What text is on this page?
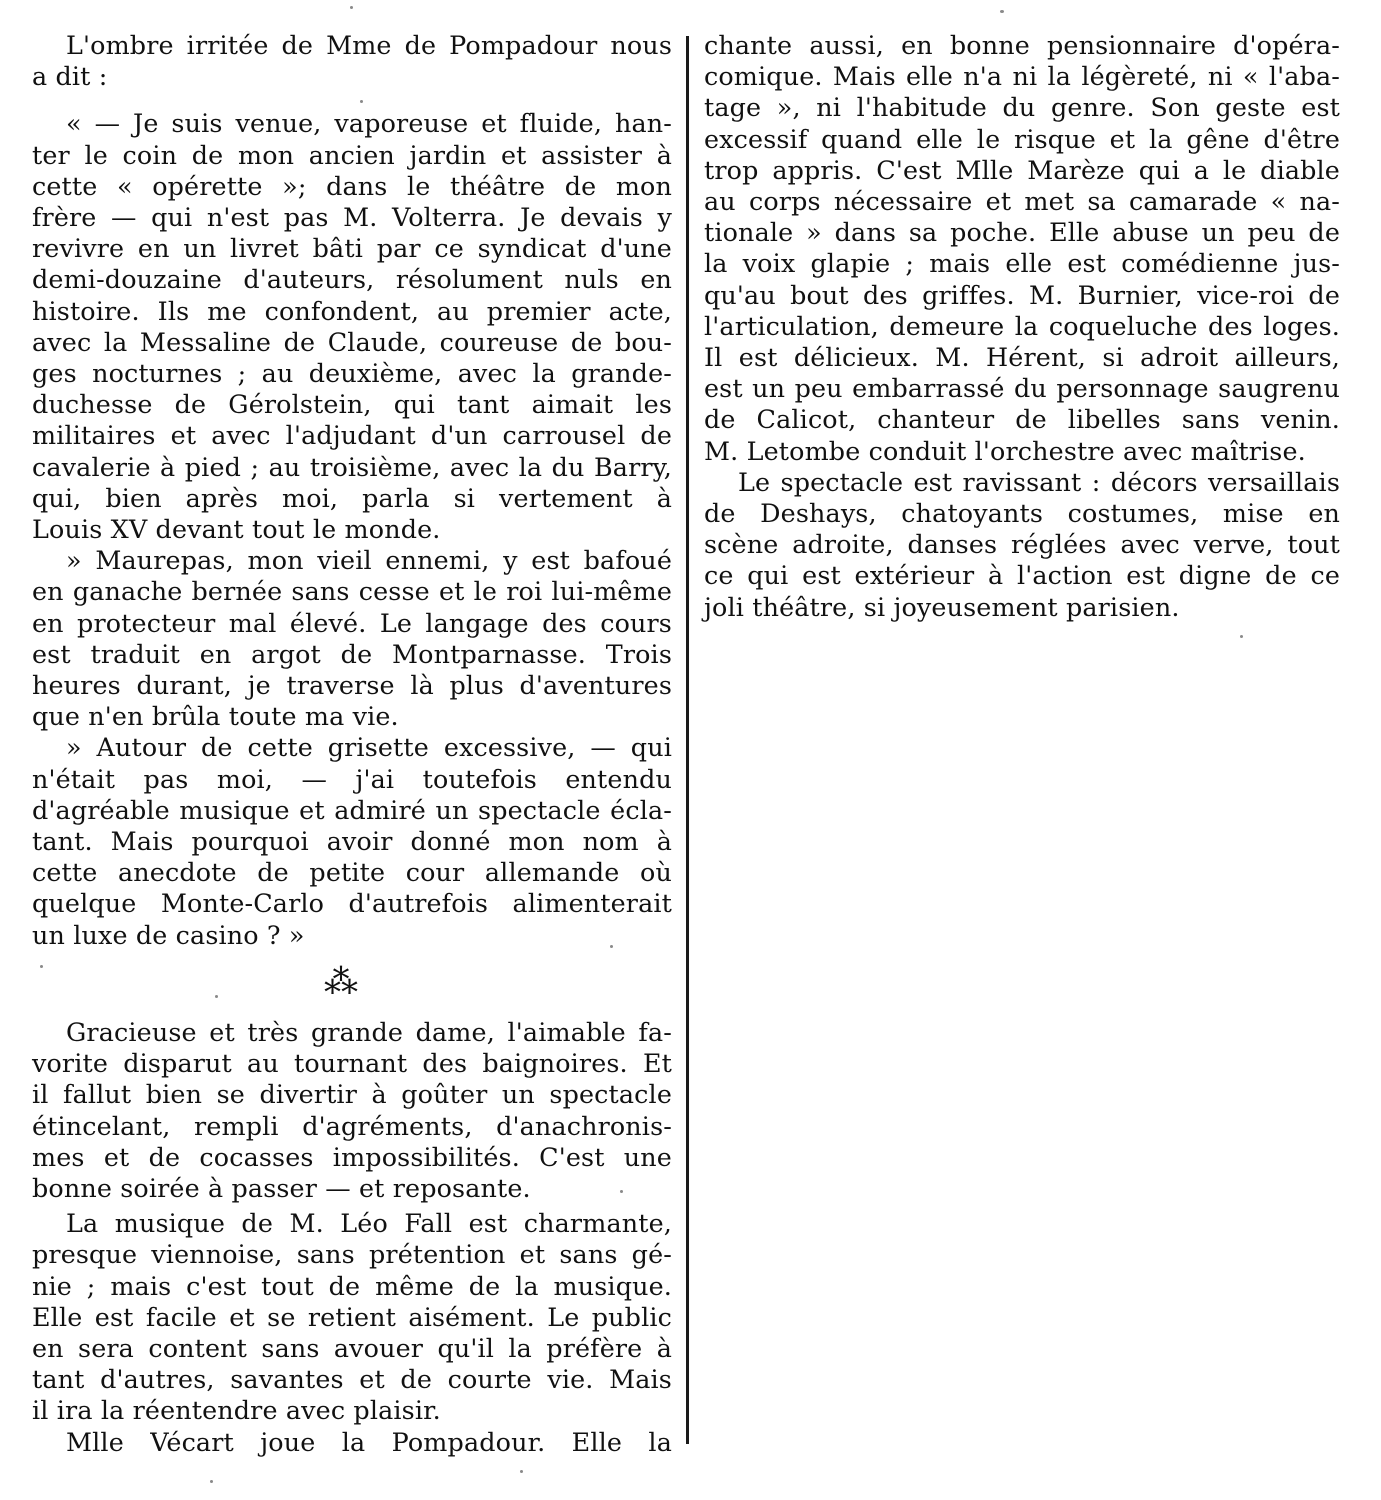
L'ombre irritée de Mme de Pompadour nous
a dit :
« — Je suis venue, vaporeuse et fluide, han-
ter le coin de mon ancien jardin et assister à
cette « opérette »; dans le théâtre de mon
frère — qui n'est pas M. Volterra. Je devais y
revivre en un livret bâti par ce syndicat d'une
demi-douzaine d'auteurs, résolument nuls en
histoire. Ils me confondent, au premier acte,
avec la Messaline de Claude, coureuse de bou-
ges nocturnes ; au deuxième, avec la grande-
duchesse de Gérolstein, qui tant aimait les
militaires et avec l'adjudant d'un carrousel de
cavalerie à pied ; au troisième, avec la du Barry,
qui, bien après moi, parla si vertement à
Louis XV devant tout le monde.
» Maurepas, mon vieil ennemi, y est bafoué
en ganache bernée sans cesse et le roi lui-même
en protecteur mal élevé. Le langage des cours
est traduit en argot de Montparnasse. Trois
heures durant, je traverse là plus d'aventures
que n'en brûla toute ma vie.
» Autour de cette grisette excessive, — qui
n'était pas moi, — j'ai toutefois entendu
d'agréable musique et admiré un spectacle écla-
tant. Mais pourquoi avoir donné mon nom à
cette anecdote de petite cour allemande où
quelque Monte-Carlo d'autrefois alimenterait
un luxe de casino ? »
⁂
Gracieuse et très grande dame, l'aimable fa-
vorite disparut au tournant des baignoires. Et
il fallut bien se divertir à goûter un spectacle
étincelant, rempli d'agréments, d'anachronis-
mes et de cocasses impossibilités. C'est une
bonne soirée à passer — et reposante.
La musique de M. Léo Fall est charmante,
presque viennoise, sans prétention et sans gé-
nie ; mais c'est tout de même de la musique.
Elle est facile et se retient aisément. Le public
en sera content sans avouer qu'il la préfère à
tant d'autres, savantes et de courte vie. Mais
il ira la réentendre avec plaisir.
Mlle Vécart joue la Pompadour. Elle la
chante aussi, en bonne pensionnaire d'opéra-
comique. Mais elle n'a ni la légèreté, ni « l'aba-
tage », ni l'habitude du genre. Son geste est
excessif quand elle le risque et la gêne d'être
trop appris. C'est Mlle Marèze qui a le diable
au corps nécessaire et met sa camarade « na-
tionale » dans sa poche. Elle abuse un peu de
la voix glapie ; mais elle est comédienne jus-
qu'au bout des griffes. M. Burnier, vice-roi de
l'articulation, demeure la coqueluche des loges.
Il est délicieux. M. Hérent, si adroit ailleurs,
est un peu embarrassé du personnage saugrenu
de Calicot, chanteur de libelles sans venin.
M. Letombe conduit l'orchestre avec maîtrise.
Le spectacle est ravissant : décors versaillais
de Deshays, chatoyants costumes, mise en
scène adroite, danses réglées avec verve, tout
ce qui est extérieur à l'action est digne de ce
joli théâtre, si joyeusement parisien.
